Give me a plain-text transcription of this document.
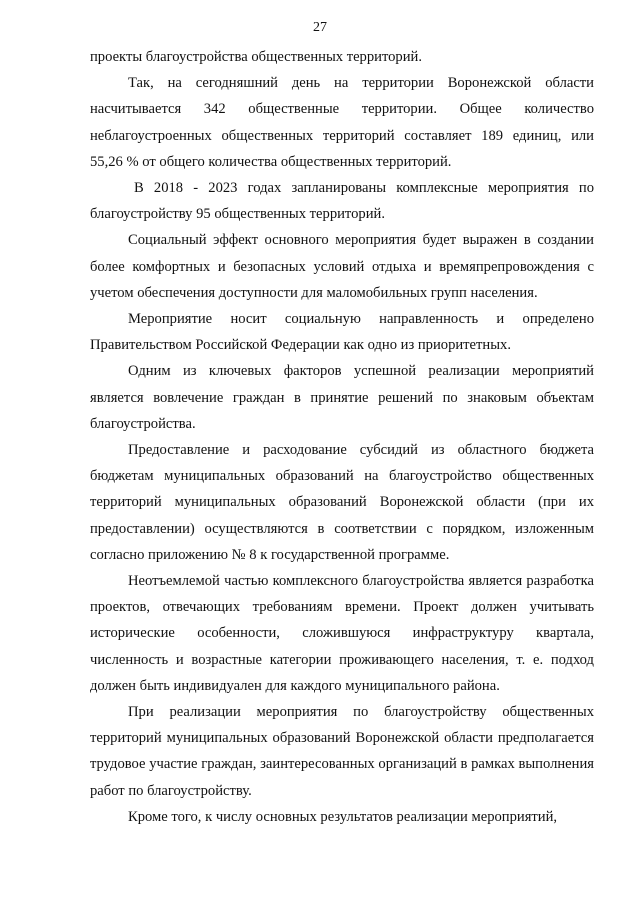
27

проекты благоустройства общественных территорий.

Так, на сегодняшний день на территории Воронежской области насчитывается 342 общественные территории. Общее количество неблагоустроенных общественных территорий составляет 189 единиц, или 55,26 % от общего количества общественных территорий.

В 2018 - 2023 годах запланированы комплексные мероприятия по благоустройству 95 общественных территорий.

Социальный эффект основного мероприятия будет выражен в создании более комфортных и безопасных условий отдыха и времяпрепровождения с учетом обеспечения доступности для маломобильных групп населения.

Мероприятие носит социальную направленность и определено Правительством Российской Федерации как одно из приоритетных.

Одним из ключевых факторов успешной реализации мероприятий является вовлечение граждан в принятие решений по знаковым объектам благоустройства.

Предоставление и расходование субсидий из областного бюджета бюджетам муниципальных образований на благоустройство общественных территорий муниципальных образований Воронежской области (при их предоставлении) осуществляются в соответствии с порядком, изложенным согласно приложению № 8 к государственной программе.

Неотъемлемой частью комплексного благоустройства является разработка проектов, отвечающих требованиям времени. Проект должен учитывать исторические особенности, сложившуюся инфраструктуру квартала, численность и возрастные категории проживающего населения, т. е. подход должен быть индивидуален для каждого муниципального района.

При реализации мероприятия по благоустройству общественных территорий муниципальных образований Воронежской области предполагается трудовое участие граждан, заинтересованных организаций в рамках выполнения работ по благоустройству.

Кроме того, к числу основных результатов реализации мероприятий,
